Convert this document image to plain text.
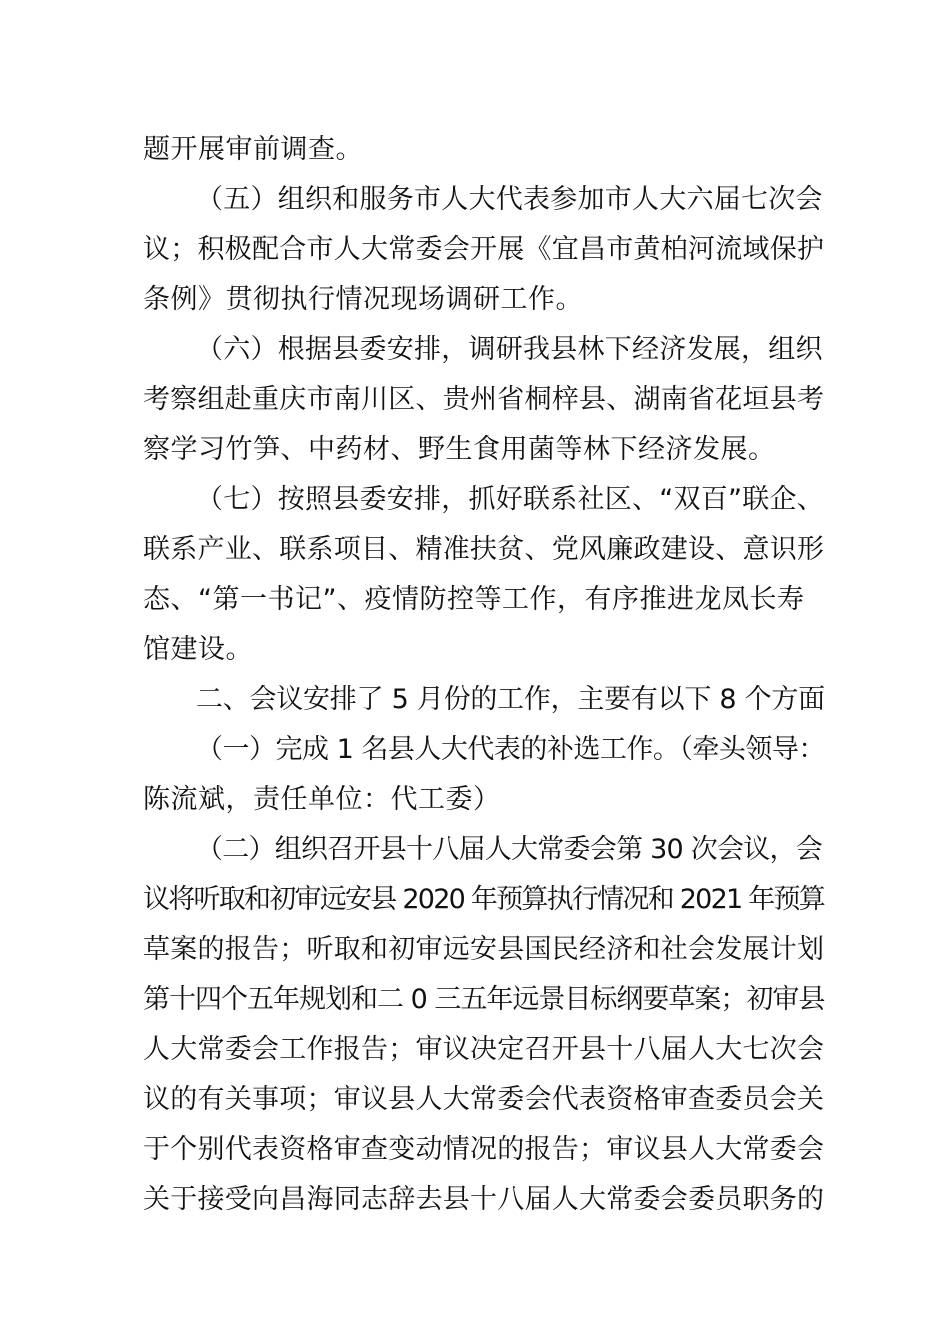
题开展审前调查。
（五）组织和服务市人大代表参加市人大六届七次会
议；积极配合市人大常委会开展《宜昌市黄柏河流域保护
条例》贯彻执行情况现场调研工作。
（六）根据县委安排，调研我县林下经济发展，组织
考察组赴重庆市南川区、贵州省桐梓县、湖南省花垣县考
察学习竹笋、中药材、野生食用菌等林下经济发展。
（七）按照县委安排，抓好联系社区、“双百”联企、
联系产业、联系项目、精准扶贫、党风廉政建设、意识形
态、“第一书记”、疫情防控等工作，有序推进龙凤长寿
馆建设。
二、会议安排了 5 月份的工作，主要有以下 8 个方面
（一）完成 1 名县人大代表的补选工作。（牵头领导：
陈流斌，责任单位：代工委）
（二）组织召开县十八届人大常委会第 30 次会议，会
议将听取和初审远安县 2020 年预算执行情况和 2021 年预算
草案的报告；听取和初审远安县国民经济和社会发展计划
第十四个五年规划和二 0 三五年远景目标纲要草案；初审县
人大常委会工作报告；审议决定召开县十八届人大七次会
议的有关事项；审议县人大常委会代表资格审查委员会关
于个别代表资格审查变动情况的报告；审议县人大常委会
关于接受向昌海同志辞去县十八届人大常委会委员职务的
